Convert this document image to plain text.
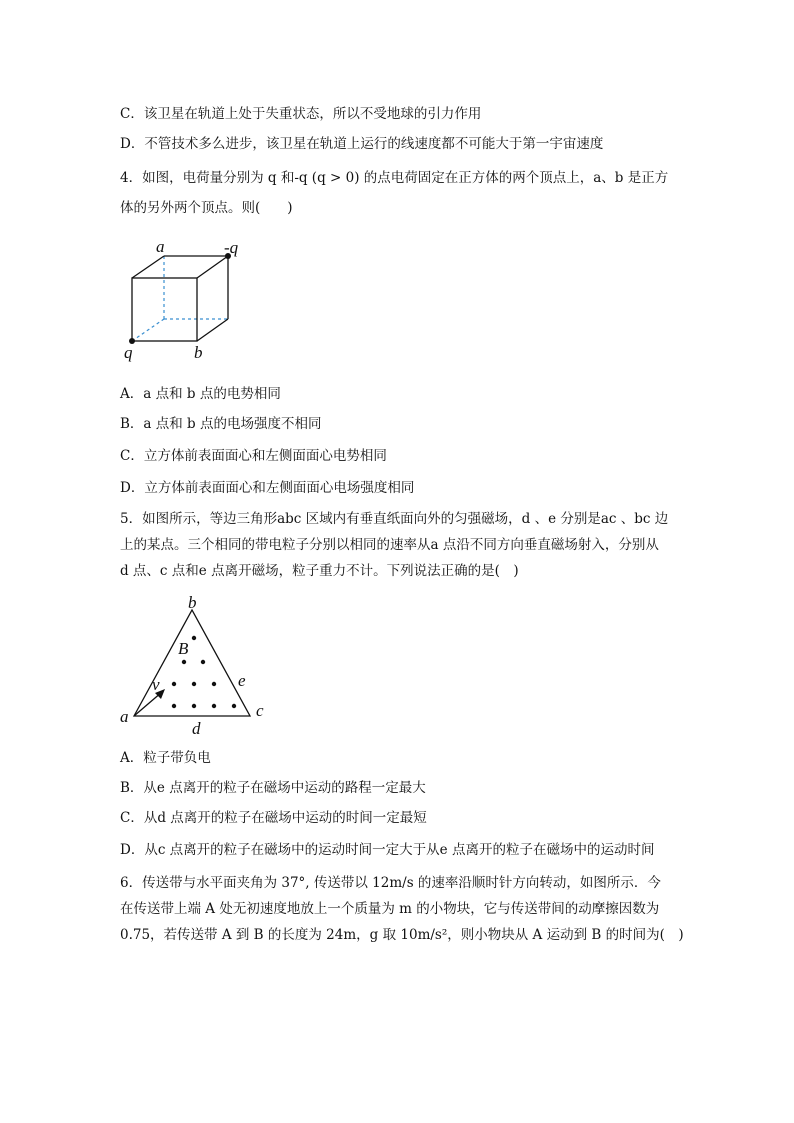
C．该卫星在轨道上处于失重状态，所以不受地球的引力作用
D．不管技术多么进步，该卫星在轨道上运行的线速度都不可能大于第一宇宙速度
4．如图，电荷量分别为 q 和-q (q > 0) 的点电荷固定在正方体的两个顶点上，a、b 是正方
体的另外两个顶点。则(　　)
a	-q
q	b
A．a 点和 b 点的电势相同
B．a 点和 b 点的电场强度不相同
C．立方体前表面面心和左侧面面心电势相同
D．立方体前表面面心和左侧面面心电场强度相同
5．如图所示，等边三角形abc 区域内有垂直纸面向外的匀强磁场，d 、e 分别是ac 、bc 边
上的某点。三个相同的带电粒子分别以相同的速率从a 点沿不同方向垂直磁场射入，分别从
d 点、c 点和e 点离开磁场，粒子重力不计。下列说法正确的是(　)
b
B
v	e
a	c
d
A．粒子带负电
B．从e 点离开的粒子在磁场中运动的路程一定最大
C．从d 点离开的粒子在磁场中运动的时间一定最短
D．从c 点离开的粒子在磁场中的运动时间一定大于从e 点离开的粒子在磁场中的运动时间
6．传送带与水平面夹角为 37°, 传送带以 12m/s 的速率沿顺时针方向转动，如图所示．今
在传送带上端 A 处无初速度地放上一个质量为 m 的小物块，它与传送带间的动摩擦因数为
0.75，若传送带 A 到 B 的长度为 24m，g 取 10m/s²，则小物块从 A 运动到 B 的时间为(　)
